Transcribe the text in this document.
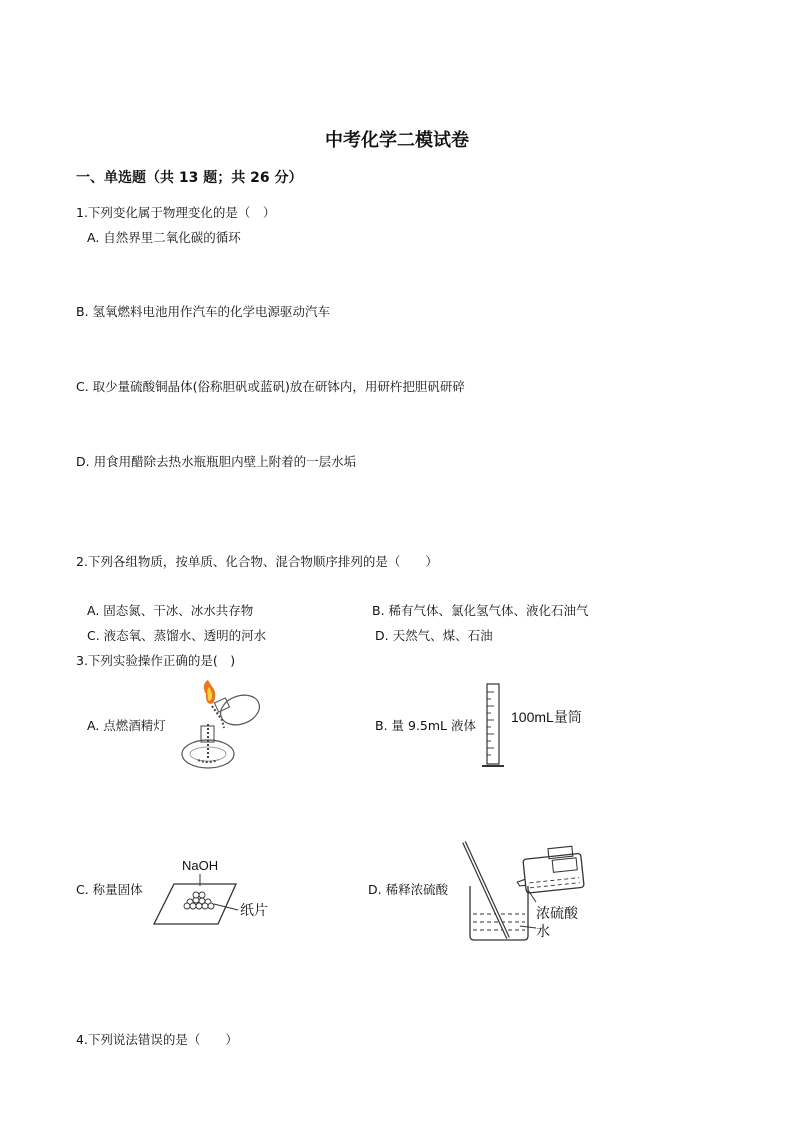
中考化学二模试卷
一、单选题（共 13 题；共 26 分）
1.下列变化属于物理变化的是（　）
A. 自然界里二氧化碳的循环
B. 氢氧燃料电池用作汽车的化学电源驱动汽车
C. 取少量硫酸铜晶体(俗称胆矾或蓝矾)放在研钵内，用研杵把胆矾研碎
D. 用食用醋除去热水瓶瓶胆内壁上附着的一层水垢
2.下列各组物质，按单质、化合物、混合物顺序排列的是（　　）
A. 固态氮、干冰、冰水共存物	B. 稀有气体、氯化氢气体、液化石油气
C. 液态氧、蒸馏水、透明的河水	D. 天然气、煤、石油
3.下列实验操作正确的是(　)
A. 点燃酒精灯	B. 量 9.5mL 液体
100mL量筒
C. 称量固体
NaOH
纸片
D. 稀释浓硫酸
浓硫酸
水
4.下列说法错误的是（　　）
